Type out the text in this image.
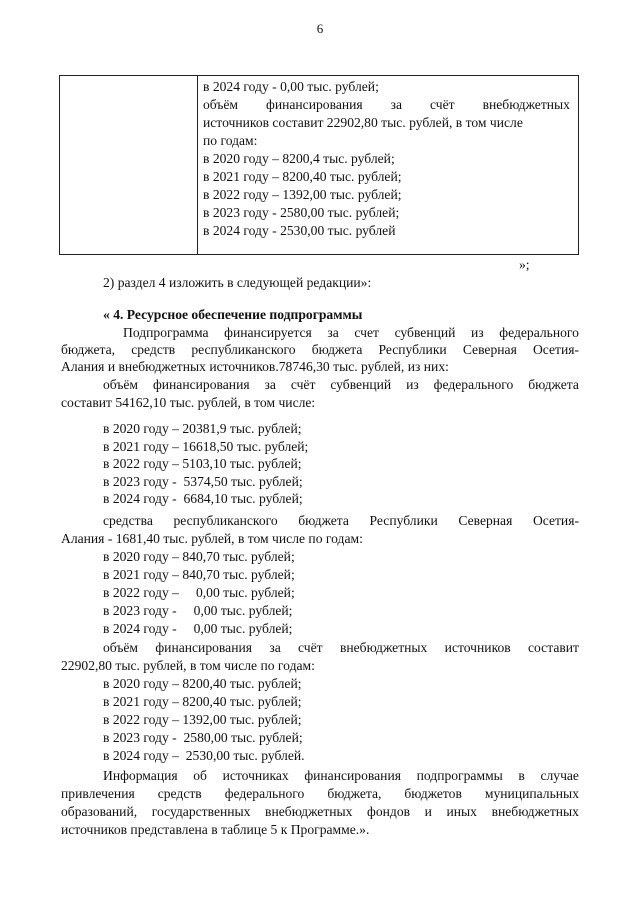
6
в 2024 году - 0,00 тыс. рублей;
объём финансирования за счёт внебюджетных
источников составит 22902,80 тыс. рублей, в том числе
по годам:
в 2020 году – 8200,4 тыс. рублей;
в 2021 году – 8200,40 тыс. рублей;
в 2022 году – 1392,00 тыс. рублей;
в 2023 году - 2580,00 тыс. рублей;
в 2024 году - 2530,00 тыс. рублей
»;
2) раздел 4 изложить в следующей редакции»:
« 4. Ресурсное обеспечение подпрограммы
Подпрограмма финансируется за счет субвенций из федерального
бюджета, средств республиканского бюджета Республики Северная Осетия-
Алания и внебюджетных источников.78746,30 тыс. рублей, из них:
объём финансирования за счёт субвенций из федерального бюджета
составит 54162,10 тыс. рублей, в том числе:
в 2020 году – 20381,9 тыс. рублей;
в 2021 году – 16618,50 тыс. рублей;
в 2022 году – 5103,10 тыс. рублей;
в 2023 году -  5374,50 тыс. рублей;
в 2024 году -  6684,10 тыс. рублей;
средства республиканского бюджета Республики Северная Осетия-
Алания - 1681,40 тыс. рублей, в том числе по годам:
в 2020 году – 840,70 тыс. рублей;
в 2021 году – 840,70 тыс. рублей;
в 2022 году –     0,00 тыс. рублей;
в 2023 году -     0,00 тыс. рублей;
в 2024 году -     0,00 тыс. рублей;
объём финансирования за счёт внебюджетных источников составит
22902,80 тыс. рублей, в том числе по годам:
в 2020 году – 8200,40 тыс. рублей;
в 2021 году – 8200,40 тыс. рублей;
в 2022 году – 1392,00 тыс. рублей;
в 2023 году -  2580,00 тыс. рублей;
в 2024 году –  2530,00 тыс. рублей.
Информация об источниках финансирования подпрограммы в случае
привлечения средств федерального бюджета, бюджетов муниципальных
образований, государственных внебюджетных фондов и иных внебюджетных
источников представлена в таблице 5 к Программе.».
